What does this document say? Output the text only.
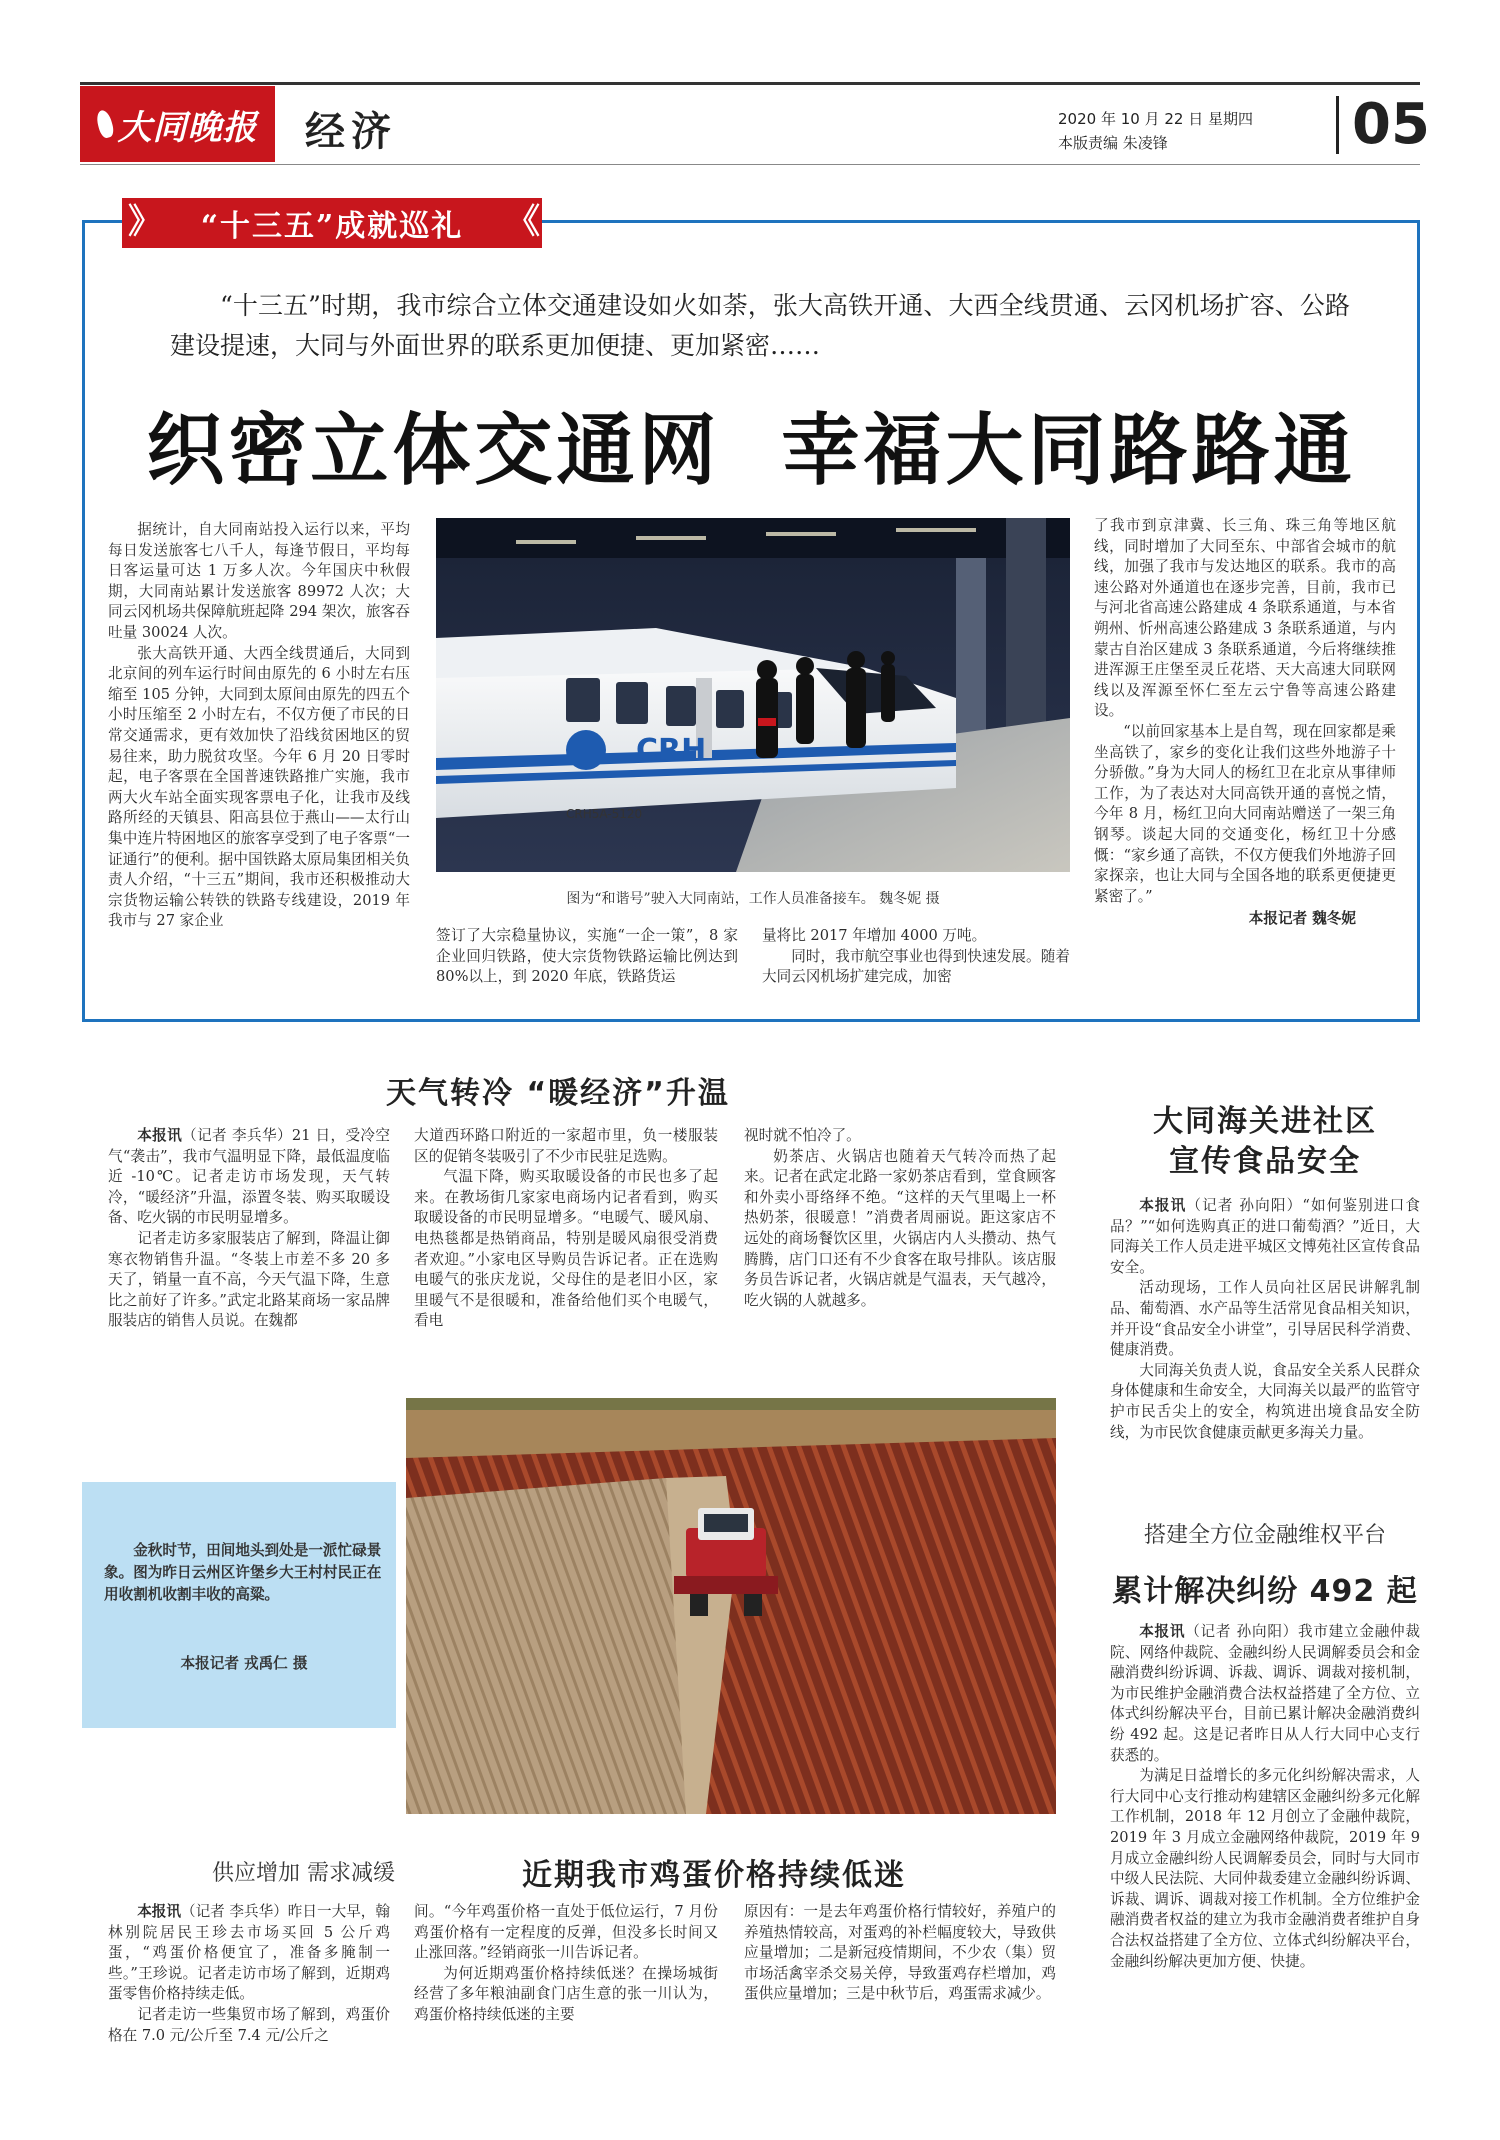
大同晚报 经济	2020 年 10 月 22 日 星期四
本版责编 朱凌锋	05
》 “十三五”成就巡礼 《
“十三五”时期，我市综合立体交通建设如火如荼，张大高铁开通、大西全线贯通、云冈机场扩容、公路建设提速，大同与外面世界的联系更加便捷、更加紧密……
织密立体交通网 幸福大同路路通

据统计，自大同南站投入运行以来，平均每日发送旅客七八千人，每逢节假日，平均每日客运量可达 1 万多人次。今年国庆中秋假期，大同南站累计发送旅客 89972 人次；大同云冈机场共保障航班起降 294 架次，旅客吞吐量 30024 人次。

张大高铁开通、大西全线贯通后，大同到北京间的列车运行时间由原先的 6 小时左右压缩至 105 分钟，大同到太原间由原先的四五个小时压缩至 2 小时左右，不仅方便了市民的日常交通需求，更有效加快了沿线贫困地区的贸易往来，助力脱贫攻坚。今年 6 月 20 日零时起，电子客票在全国普速铁路推广实施，我市两大火车站全面实现客票电子化，让我市及线路所经的天镇县、阳高县位于燕山——太行山集中连片特困地区的旅客享受到了电子客票“一证通行”的便利。据中国铁路太原局集团相关负责人介绍，“十三五”期间，我市还积极推动大宗货物运输公转铁的铁路专线建设，2019 年我市与 27 家企业

CRH
CRH5A-5120
图为“和谐号”驶入大同南站，工作人员准备接车。 魏冬妮 摄

签订了大宗稳量协议，实施“一企一策”，8 家企业回归铁路，使大宗货物铁路运输比例达到 80%以上，到 2020 年底，铁路货运

量将比 2017 年增加 4000 万吨。

同时，我市航空事业也得到快速发展。随着大同云冈机场扩建完成，加密

了我市到京津冀、长三角、珠三角等地区航线，同时增加了大同至东、中部省会城市的航线，加强了我市与发达地区的联系。我市的高速公路对外通道也在逐步完善，目前，我市已与河北省高速公路建成 4 条联系通道，与本省朔州、忻州高速公路建成 3 条联系通道，与内蒙古自治区建成 3 条联系通道，今后将继续推进浑源王庄堡至灵丘花塔、天大高速大同联网线以及浑源至怀仁至左云宁鲁等高速公路建设。

“以前回家基本上是自驾，现在回家都是乘坐高铁了，家乡的变化让我们这些外地游子十分骄傲。”身为大同人的杨红卫在北京从事律师工作，为了表达对大同高铁开通的喜悦之情，今年 8 月，杨红卫向大同南站赠送了一架三角钢琴。谈起大同的交通变化，杨红卫十分感慨：“家乡通了高铁，不仅方便我们外地游子回家探亲，也让大同与全国各地的联系更便捷更紧密了。”

本报记者 魏冬妮
天气转冷 “暖经济”升温

本报讯（记者 李兵华）21 日，受冷空气“袭击”，我市气温明显下降，最低温度临近 -10℃。记者走访市场发现，天气转冷，“暖经济”升温，添置冬装、购买取暖设备、吃火锅的市民明显增多。

记者走访多家服装店了解到，降温让御寒衣物销售升温。“冬装上市差不多 20 多天了，销量一直不高，今天气温下降，生意比之前好了许多。”武定北路某商场一家品牌服装店的销售人员说。在魏都

大道西环路口附近的一家超市里，负一楼服装区的促销冬装吸引了不少市民驻足选购。

气温下降，购买取暖设备的市民也多了起来。在教场街几家家电商场内记者看到，购买取暖设备的市民明显增多。“电暖气、暖风扇、电热毯都是热销商品，特别是暖风扇很受消费者欢迎。”小家电区导购员告诉记者。正在选购电暖气的张庆龙说，父母住的是老旧小区，家里暖气不是很暖和，准备给他们买个电暖气，看电

视时就不怕冷了。

奶茶店、火锅店也随着天气转冷而热了起来。记者在武定北路一家奶茶店看到，堂食顾客和外卖小哥络绎不绝。“这样的天气里喝上一杯热奶茶，很暖意！”消费者周丽说。距这家店不远处的商场餐饮区里，火锅店内人头攒动、热气腾腾，店门口还有不少食客在取号排队。该店服务员告诉记者，火锅店就是气温表，天气越冷，吃火锅的人就越多。

大同海关进社区
宣传食品安全

本报讯（记者 孙向阳）“如何鉴别进口食品？”“如何选购真正的进口葡萄酒？”近日，大同海关工作人员走进平城区文博苑社区宣传食品安全。

活动现场，工作人员向社区居民讲解乳制品、葡萄酒、水产品等生活常见食品相关知识，并开设“食品安全小讲堂”，引导居民科学消费、健康消费。

大同海关负责人说，食品安全关系人民群众身体健康和生命安全，大同海关以最严的监管守护市民舌尖上的安全，构筑进出境食品安全防线，为市民饮食健康贡献更多海关力量。

金秋时节，田间地头到处是一派忙碌景象。图为昨日云州区许堡乡大王村村民正在用收割机收割丰收的高粱。
本报记者 戎禹仁 摄
搭建全方位金融维权平台
累计解决纠纷 492 起

本报讯（记者 孙向阳）我市建立金融仲裁院、网络仲裁院、金融纠纷人民调解委员会和金融消费纠纷诉调、诉裁、调诉、调裁对接机制，为市民维护金融消费合法权益搭建了全方位、立体式纠纷解决平台，目前已累计解决金融消费纠纷 492 起。这是记者昨日从人行大同中心支行获悉的。

为满足日益增长的多元化纠纷解决需求，人行大同中心支行推动构建辖区金融纠纷多元化解工作机制，2018 年 12 月创立了金融仲裁院，2019 年 3 月成立金融网络仲裁院，2019 年 9 月成立金融纠纷人民调解委员会，同时与大同市中级人民法院、大同仲裁委建立金融纠纷诉调、诉裁、调诉、调裁对接工作机制。全方位维护金融消费者权益的建立为我市金融消费者维护自身合法权益搭建了全方位、立体式纠纷解决平台，金融纠纷解决更加方便、快捷。

供应增加 需求减缓	近期我市鸡蛋价格持续低迷

本报讯（记者 李兵华）昨日一大早，翰林别院居民王珍去市场买回 5 公斤鸡蛋，“鸡蛋价格便宜了，准备多腌制一些。”王珍说。记者走访市场了解到，近期鸡蛋零售价格持续走低。

记者走访一些集贸市场了解到，鸡蛋价格在 7.0 元/公斤至 7.4 元/公斤之

间。“今年鸡蛋价格一直处于低位运行，7 月份鸡蛋价格有一定程度的反弹，但没多长时间又止涨回落。”经销商张一川告诉记者。

为何近期鸡蛋价格持续低迷？在操场城街经营了多年粮油副食门店生意的张一川认为，鸡蛋价格持续低迷的主要

原因有：一是去年鸡蛋价格行情较好，养殖户的养殖热情较高，对蛋鸡的补栏幅度较大，导致供应量增加；二是新冠疫情期间，不少农（集）贸市场活禽宰杀交易关停，导致蛋鸡存栏增加，鸡蛋供应量增加；三是中秋节后，鸡蛋需求减少。
